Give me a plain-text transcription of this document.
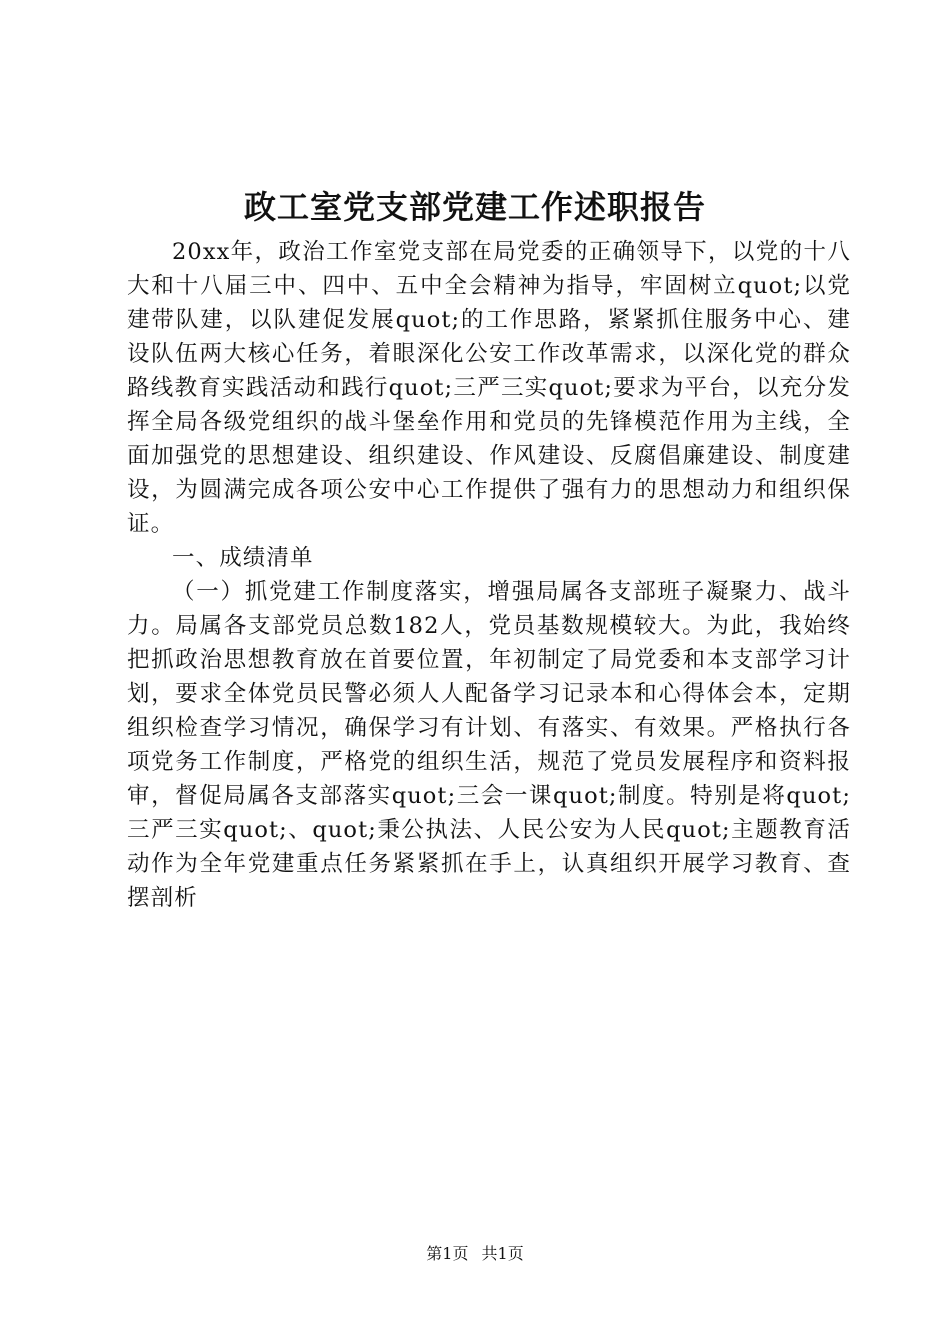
政工室党支部党建工作述职报告

20xx年，政治工作室党支部在局党委的正确领导下，以党的十八大和十八届三中、四中、五中全会精神为指导，牢固树立quot;以党建带队建，以队建促发展quot;的工作思路，紧紧抓住服务中心、建设队伍两大核心任务，着眼深化公安工作改革需求，以深化党的群众路线教育实践活动和践行quot;三严三实quot;要求为平台，以充分发挥全局各级党组织的战斗堡垒作用和党员的先锋模范作用为主线，全面加强党的思想建设、组织建设、作风建设、反腐倡廉建设、制度建设，为圆满完成各项公安中心工作提供了强有力的思想动力和组织保证。

一、成绩清单

（一）抓党建工作制度落实，增强局属各支部班子凝聚力、战斗力。局属各支部党员总数182人，党员基数规模较大。为此，我始终把抓政治思想教育放在首要位置，年初制定了局党委和本支部学习计划，要求全体党员民警必须人人配备学习记录本和心得体会本，定期组织检查学习情况，确保学习有计划、有落实、有效果。严格执行各项党务工作制度，严格党的组织生活，规范了党员发展程序和资料报审，督促局属各支部落实quot;三会一课quot;制度。特别是将quot;三严三实quot;、quot;秉公执法、人民公安为人民quot;主题教育活动作为全年党建重点任务紧紧抓在手上，认真组织开展学习教育、查摆剖析

第1页 共1页
